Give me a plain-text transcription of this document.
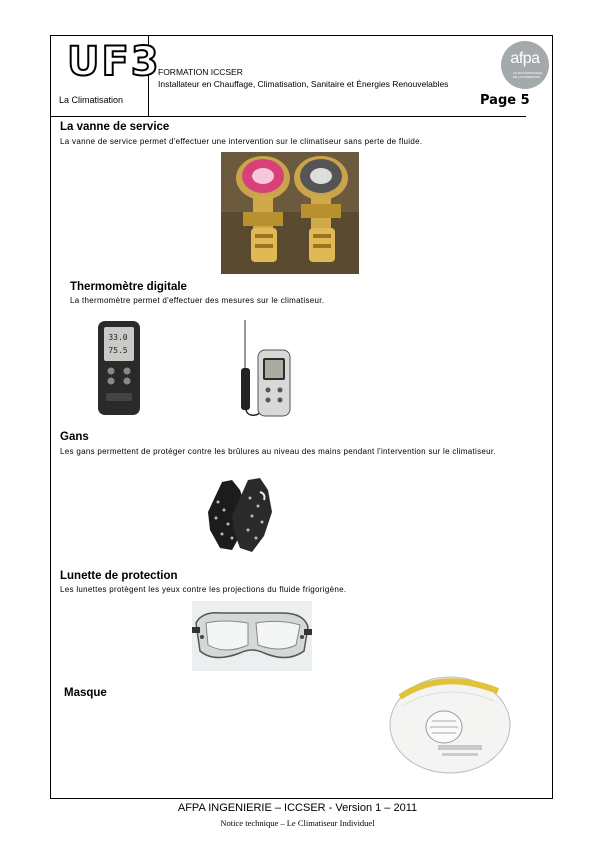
UF3
La Climatisation
FORMATION ICCSER
Installateur en Chauffage, Climatisation, Sanitaire et Énergies Renouvelables
afpa
LE PROFESSIONNEL DE LA FORMATION
Page 5
La vanne de service

La vanne de service permet d'effectuer une intervention sur le climatiseur sans perte de fluide.

Thermomètre digitale

La thermomètre permet d'effectuer des mesures sur le climatiseur.

33.0
75.5
Gans

Les gans permettent de protéger contre les brûlures au niveau des mains pendant l'intervention sur le climatiseur.

Lunette de protection

Les lunettes protègent les yeux contre les projections du fluide frigorigène.

Masque
AFPA INGENIERIE – ICCSER - Version 1 – 2011
Notice technique – Le Climatiseur Individuel
